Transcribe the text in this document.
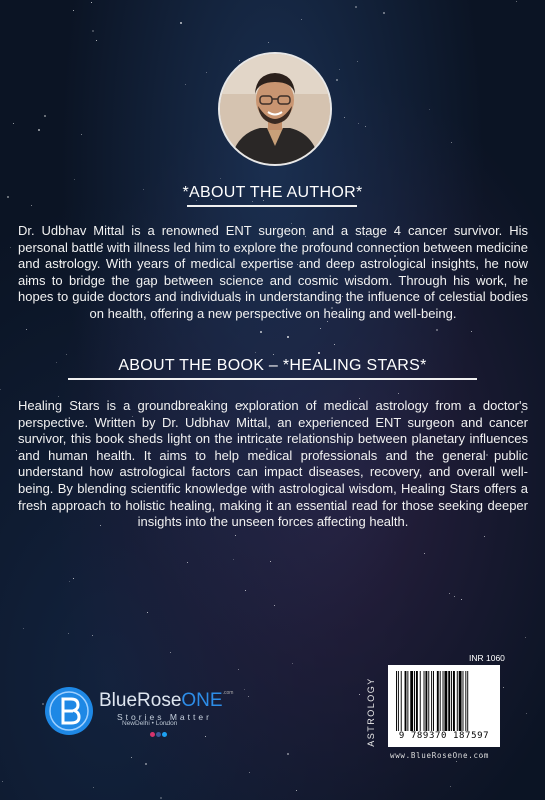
*ABOUT THE AUTHOR*
Dr. Udbhav Mittal is a renowned ENT surgeon and a stage 4 cancer survivor. His personal battle with illness led him to explore the profound connection between medicine and astrology. With years of medical expertise and deep astrological insights, he now aims to bridge the gap between science and cosmic wisdom. Through his work, he hopes to guide doctors and individuals in understanding the influence of celestial bodies on health, offering a new perspective on healing and well-being.
ABOUT THE BOOK – *HEALING STARS*
Healing Stars is a groundbreaking exploration of medical astrology from a doctor's perspective. Written by Dr. Udbhav Mittal, an experienced ENT surgeon and cancer survivor, this book sheds light on the intricate relationship between planetary influences and human health. It aims to help medical professionals and the general public understand how astrological factors can impact diseases, recovery, and overall well-being. By blending scientific knowledge with astrological wisdom, Healing Stars offers a fresh approach to holistic healing, making it an essential read for those seeking deeper insights into the unseen forces affecting health.
BlueRoseONE$^{.com}$
Stories Matter
NewDelhi • London	ASTROLOGY
INR 1060
9 789370 187597
www.BlueRoseOne.com
